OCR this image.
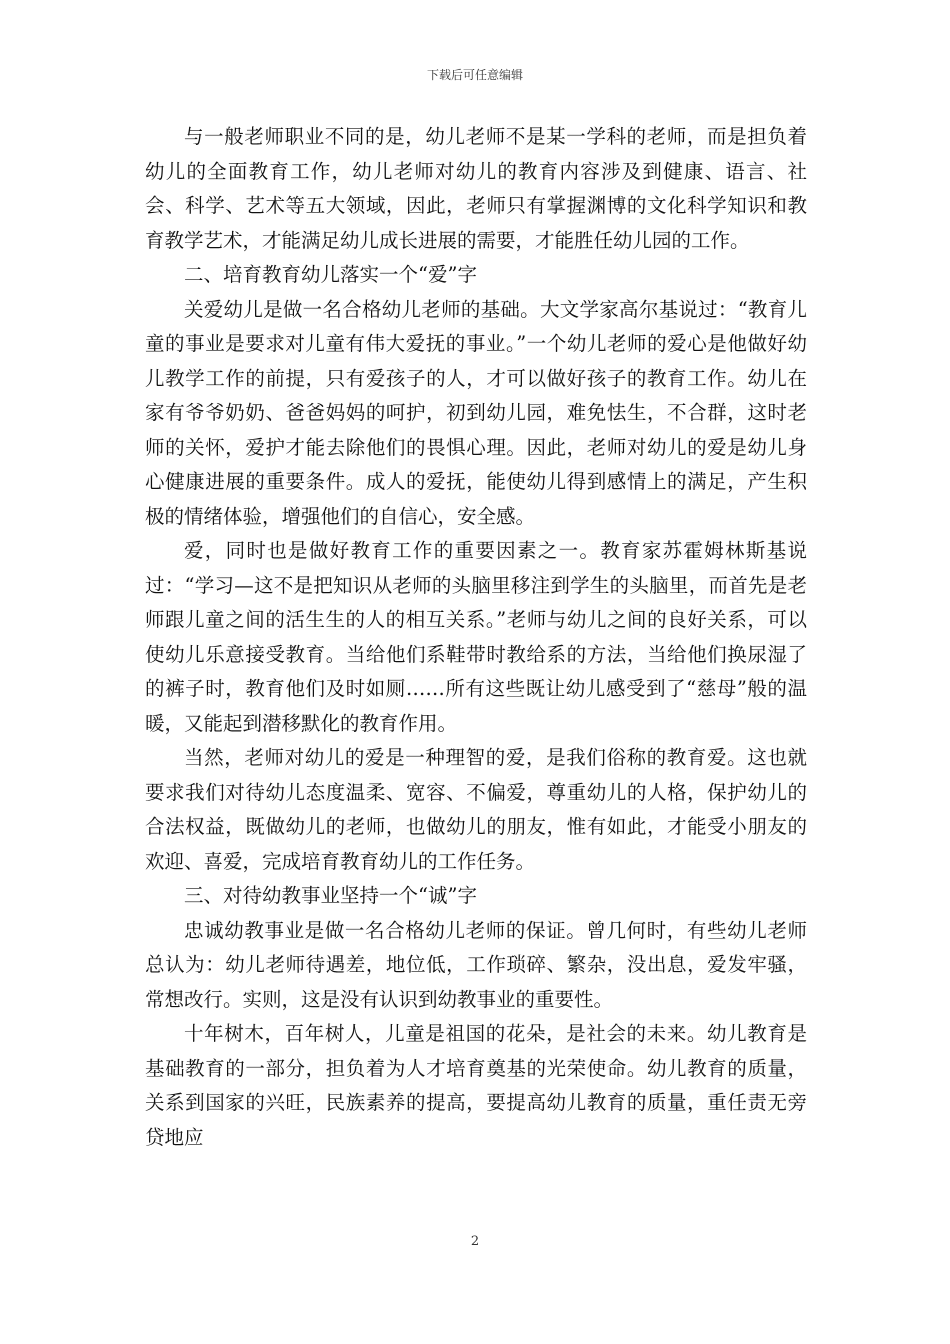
下载后可任意编辑

与一般老师职业不同的是，幼儿老师不是某一学科的老师，而是担负着幼儿的全面教育工作，幼儿老师对幼儿的教育内容涉及到健康、语言、社会、科学、艺术等五大领域，因此，老师只有掌握渊博的文化科学知识和教育教学艺术，才能满足幼儿成长进展的需要，才能胜任幼儿园的工作。

二、培育教育幼儿落实一个“爱”字

关爱幼儿是做一名合格幼儿老师的基础。大文学家高尔基说过：“教育儿童的事业是要求对儿童有伟大爱抚的事业。”一个幼儿老师的爱心是他做好幼儿教学工作的前提，只有爱孩子的人，才可以做好孩子的教育工作。幼儿在家有爷爷奶奶、爸爸妈妈的呵护，初到幼儿园，难免怯生，不合群，这时老师的关怀，爱护才能去除他们的畏惧心理。因此，老师对幼儿的爱是幼儿身心健康进展的重要条件。成人的爱抚，能使幼儿得到感情上的满足，产生积极的情绪体验，增强他们的自信心，安全感。

爱，同时也是做好教育工作的重要因素之一。教育家苏霍姆林斯基说过：“学习—这不是把知识从老师的头脑里移注到学生的头脑里，而首先是老师跟儿童之间的活生生的人的相互关系。”老师与幼儿之间的良好关系，可以使幼儿乐意接受教育。当给他们系鞋带时教给系的方法，当给他们换尿湿了的裤子时，教育他们及时如厕……所有这些既让幼儿感受到了“慈母”般的温暖，又能起到潜移默化的教育作用。

当然，老师对幼儿的爱是一种理智的爱，是我们俗称的教育爱。这也就要求我们对待幼儿态度温柔、宽容、不偏爱，尊重幼儿的人格，保护幼儿的合法权益，既做幼儿的老师，也做幼儿的朋友，惟有如此，才能受小朋友的欢迎、喜爱，完成培育教育幼儿的工作任务。

三、对待幼教事业坚持一个“诚”字

忠诚幼教事业是做一名合格幼儿老师的保证。曾几何时，有些幼儿老师总认为：幼儿老师待遇差，地位低，工作琐碎、繁杂，没出息，爱发牢骚，常想改行。实则，这是没有认识到幼教事业的重要性。

十年树木，百年树人，儿童是祖国的花朵，是社会的未来。幼儿教育是基础教育的一部分，担负着为人才培育奠基的光荣使命。幼儿教育的质量，关系到国家的兴旺，民族素养的提高，要提高幼儿教育的质量，重任责无旁贷地应

2
